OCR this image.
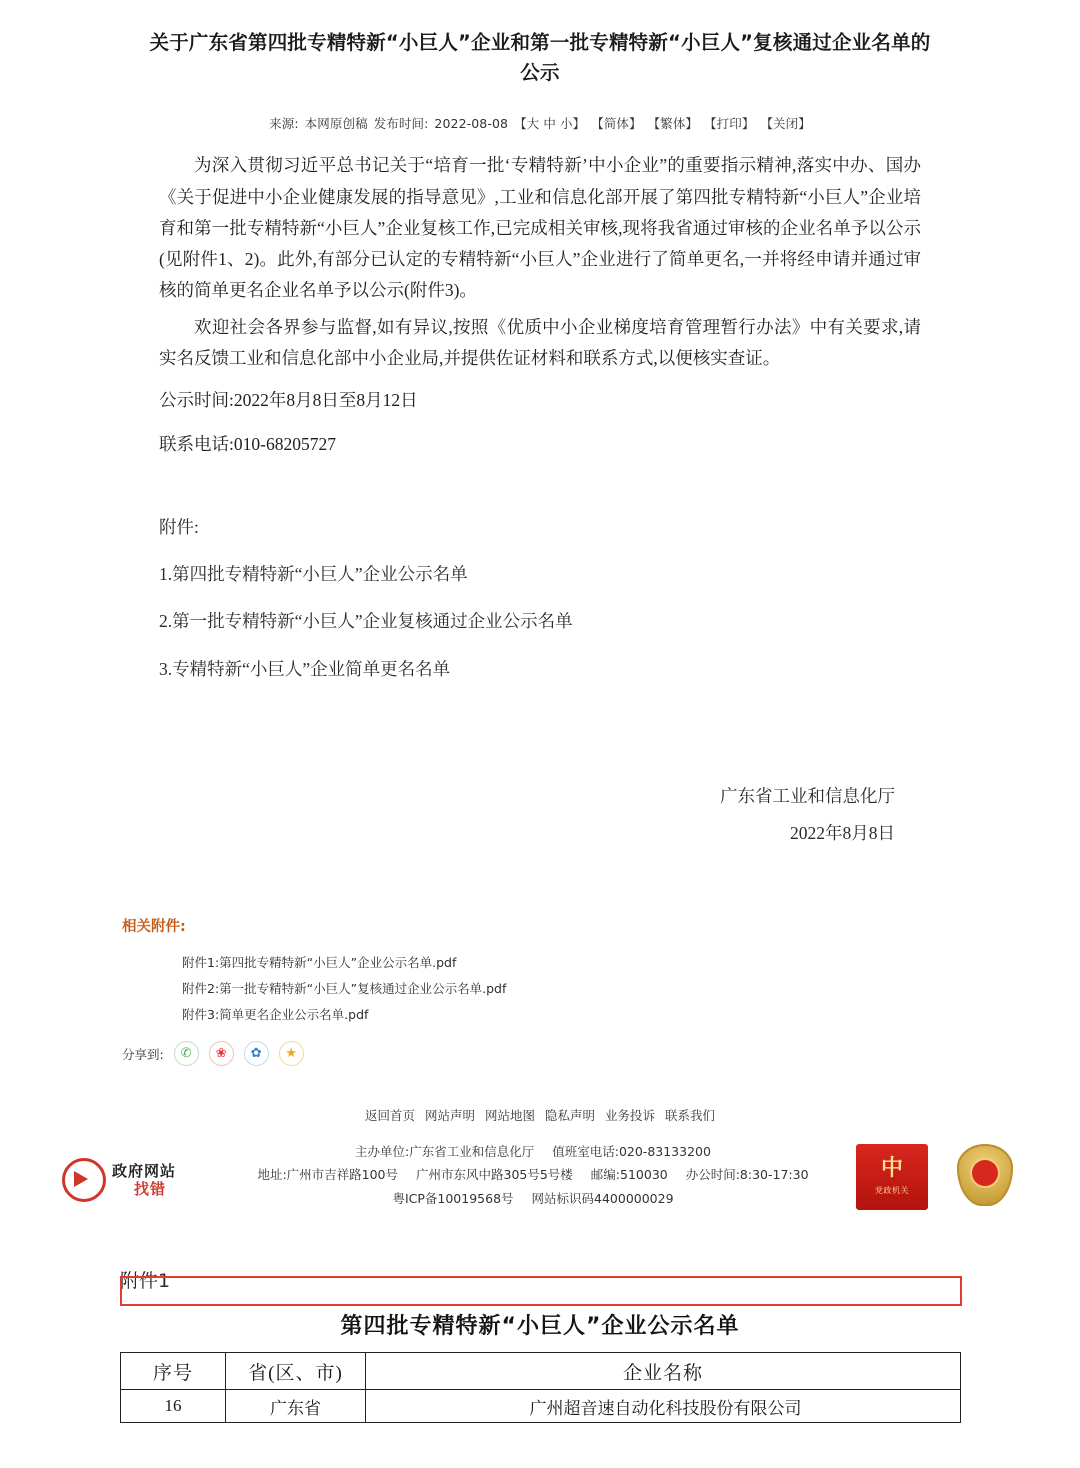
关于广东省第四批专精特新“小巨人”企业和第一批专精特新“小巨人”复核通过企业名单的公示
来源: 本网原创稿 发布时间: 2022-08-08 【大 中 小】 【简体】 【繁体】 【打印】 【关闭】

为深入贯彻习近平总书记关于“培育一批‘专精特新’中小企业”的重要指示精神,落实中办、国办《关于促进中小企业健康发展的指导意见》,工业和信息化部开展了第四批专精特新“小巨人”企业培育和第一批专精特新“小巨人”企业复核工作,已完成相关审核,现将我省通过审核的企业名单予以公示(见附件1、2)。此外,有部分已认定的专精特新“小巨人”企业进行了简单更名,一并将经申请并通过审核的简单更名企业名单予以公示(附件3)。

欢迎社会各界参与监督,如有异议,按照《优质中小企业梯度培育管理暂行办法》中有关要求,请实名反馈工业和信息化部中小企业局,并提供佐证材料和联系方式,以便核实查证。

公示时间:2022年8月8日至8月12日
联系电话:010-68205727
附件:
1.第四批专精特新“小巨人”企业公示名单
2.第一批专精特新“小巨人”企业复核通过企业公示名单
3.专精特新“小巨人”企业简单更名名单
广东省工业和信息化厅
2022年8月8日
相关附件:
附件1:第四批专精特新“小巨人”企业公示名单.pdf
附件2:第一批专精特新“小巨人”复核通过企业公示名单.pdf
附件3:简单更名企业公示名单.pdf
分享到:	✆	❀	✿	★
返回首页 网站声明 网站地图 隐私声明 业务投诉 联系我们
政府网站
找错
主办单位:广东省工业和信息化厅 值班室电话:020-83133200
地址:广州市吉祥路100号 广州市东风中路305号5号楼 邮编:510030 办公时间:8:30-17:30
粤ICP备10019568号 网站标识码4400000029
中
党政机关
附件1
第四批专精特新“小巨人”企业公示名单
序号	省(区、市)	企业名称
16	广东省	广州超音速自动化科技股份有限公司
